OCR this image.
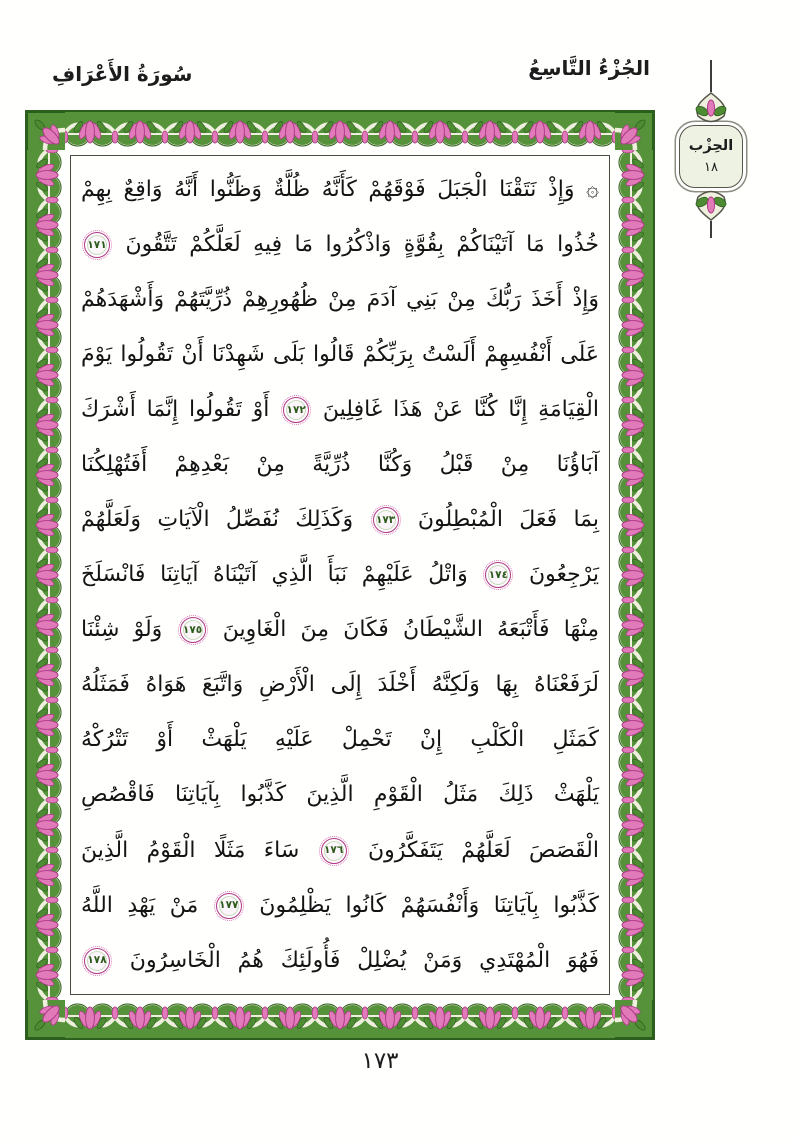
الجُزْءُ التَّاسِعُ
سُورَةُ الأَعْرَافِ
۞ وَإِذْ نَتَقْنَا الْجَبَلَ فَوْقَهُمْ كَأَنَّهُ ظُلَّةٌ وَظَنُّوا أَنَّهُ وَاقِعٌ بِهِمْ
خُذُوا مَا آتَيْنَاكُمْ بِقُوَّةٍ وَاذْكُرُوا مَا فِيهِ لَعَلَّكُمْ تَتَّقُونَ
١٧١
وَإِذْ أَخَذَ رَبُّكَ مِنْ بَنِي آدَمَ مِنْ ظُهُورِهِمْ ذُرِّيَّتَهُمْ وَأَشْهَدَهُمْ
عَلَى أَنْفُسِهِمْ أَلَسْتُ بِرَبِّكُمْ قَالُوا بَلَى شَهِدْنَا أَنْ تَقُولُوا يَوْمَ
الْقِيَامَةِ إِنَّا كُنَّا عَنْ هَذَا غَافِلِينَ
١٧٢
أَوْ تَقُولُوا إِنَّمَا أَشْرَكَ
آبَاؤُنَا مِنْ قَبْلُ وَكُنَّا ذُرِّيَّةً مِنْ بَعْدِهِمْ أَفَتُهْلِكُنَا
بِمَا فَعَلَ الْمُبْطِلُونَ
١٧٣
وَكَذَلِكَ نُفَصِّلُ الْآيَاتِ وَلَعَلَّهُمْ
يَرْجِعُونَ
١٧٤
وَاتْلُ عَلَيْهِمْ نَبَأَ الَّذِي آتَيْنَاهُ آيَاتِنَا فَانْسَلَخَ
مِنْهَا فَأَتْبَعَهُ الشَّيْطَانُ فَكَانَ مِنَ الْغَاوِينَ
١٧٥
وَلَوْ شِئْنَا
لَرَفَعْنَاهُ بِهَا وَلَكِنَّهُ أَخْلَدَ إِلَى الْأَرْضِ وَاتَّبَعَ هَوَاهُ فَمَثَلُهُ
كَمَثَلِ الْكَلْبِ إِنْ تَحْمِلْ عَلَيْهِ يَلْهَثْ أَوْ تَتْرُكْهُ
يَلْهَثْ ذَلِكَ مَثَلُ الْقَوْمِ الَّذِينَ كَذَّبُوا بِآيَاتِنَا فَاقْصُصِ
الْقَصَصَ لَعَلَّهُمْ يَتَفَكَّرُونَ
١٧٦
سَاءَ مَثَلًا الْقَوْمُ الَّذِينَ
كَذَّبُوا بِآيَاتِنَا وَأَنْفُسَهُمْ كَانُوا يَظْلِمُونَ
١٧٧
مَنْ يَهْدِ اللَّهُ
فَهُوَ الْمُهْتَدِي وَمَنْ يُضْلِلْ فَأُولَئِكَ هُمُ الْخَاسِرُونَ
١٧٨
الحِزْب
١٨
١٧٣
